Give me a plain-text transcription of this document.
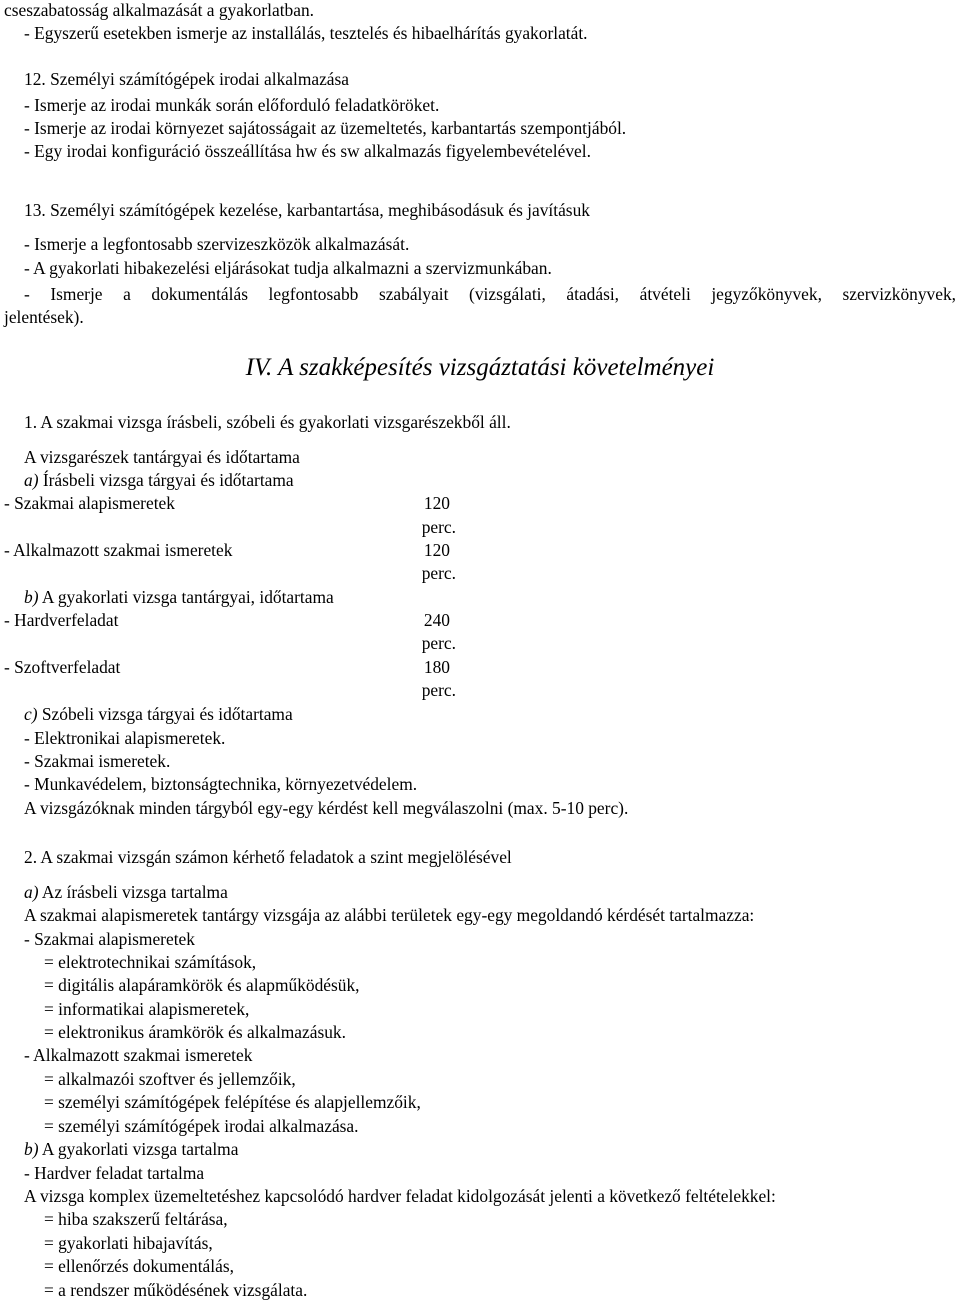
cseszabatosság alkalmazását a gyakorlatban.
- Egyszerű esetekben ismerje az installálás, tesztelés és hibaelhárítás gyakorlatát.
12. Személyi számítógépek irodai alkalmazása
- Ismerje az irodai munkák során előforduló feladatköröket.
- Ismerje az irodai környezet sajátosságait az üzemeltetés, karbantartás szempontjából.
- Egy irodai konfiguráció összeállítása hw és sw alkalmazás figyelembevételével.
13. Személyi számítógépek kezelése, karbantartása, meghibásodásuk és javításuk
- Ismerje a legfontosabb szervizeszközök alkalmazását.
- A gyakorlati hibakezelési eljárásokat tudja alkalmazni a szervizmunkában.
- Ismerje a dokumentálás legfontosabb szabályait (vizsgálati, átadási, átvételi jegyzőkönyvek, szervizkönyvek,
jelentések).
IV. A szakképesítés vizsgáztatási követelményei
1. A szakmai vizsga írásbeli, szóbeli és gyakorlati vizsgarészekből áll.
A vizsgarészek tantárgyai és időtartama
a) Írásbeli vizsga tárgyai és időtartama
- Szakmai alapismeretek	120
perc.
- Alkalmazott szakmai ismeretek	120
perc.
b) A gyakorlati vizsga tantárgyai, időtartama
- Hardverfeladat	240
perc.
- Szoftverfeladat	180
perc.
c) Szóbeli vizsga tárgyai és időtartama
- Elektronikai alapismeretek.
- Szakmai ismeretek.
- Munkavédelem, biztonságtechnika, környezetvédelem.
A vizsgázóknak minden tárgyból egy-egy kérdést kell megválaszolni (max. 5-10 perc).
2. A szakmai vizsgán számon kérhető feladatok a szint megjelölésével
a) Az írásbeli vizsga tartalma
A szakmai alapismeretek tantárgy vizsgája az alábbi területek egy-egy megoldandó kérdését tartalmazza:
- Szakmai alapismeretek
= elektrotechnikai számítások,
= digitális alapáramkörök és alapműködésük,
= informatikai alapismeretek,
= elektronikus áramkörök és alkalmazásuk.
- Alkalmazott szakmai ismeretek
= alkalmazói szoftver és jellemzőik,
= személyi számítógépek felépítése és alapjellemzőik,
= személyi számítógépek irodai alkalmazása.
b) A gyakorlati vizsga tartalma
- Hardver feladat tartalma
A vizsga komplex üzemeltetéshez kapcsolódó hardver feladat kidolgozását jelenti a következő feltételekkel:
= hiba szakszerű feltárása,
= gyakorlati hibajavítás,
= ellenőrzés dokumentálás,
= a rendszer működésének vizsgálata.
